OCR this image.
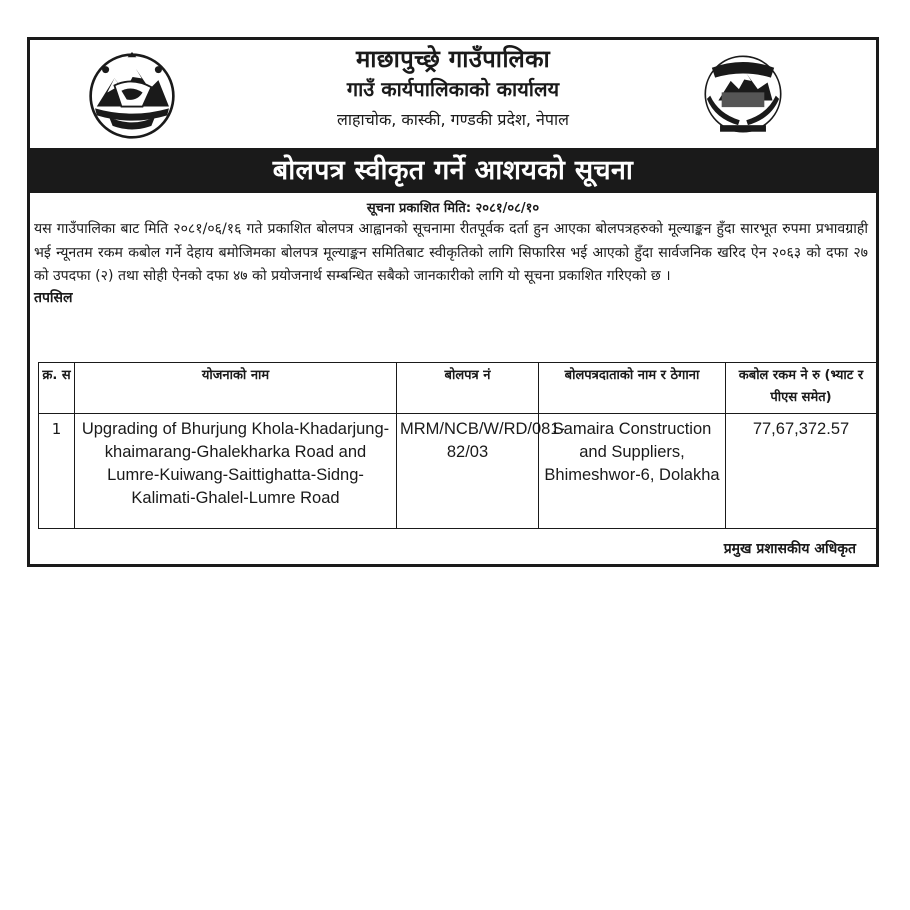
माछापुच्छ्रे गाउँपालिका
गाउँ कार्यपालिकाको कार्यालय
लाहाचोक, कास्की, गण्डकी प्रदेश, नेपाल
बोलपत्र स्वीकृत गर्ने आशयको सूचना
सूचना प्रकाशित मिति: २०८१/०८/१०
यस गाउँपालिका बाट मिति २०८१/०६/१६ गते प्रकाशित बोलपत्र आह्वानको सूचनामा रीतपूर्वक दर्ता हुन आएका बोलपत्रहरुको मूल्याङ्कन हुँदा सारभूत रुपमा प्रभावग्राही भई न्यूनतम रकम कबोल गर्ने देहाय बमोजिमका बोलपत्र मूल्याङ्कन समितिबाट स्वीकृतिको लागि सिफारिस भई आएको हुँदा सार्वजनिक खरिद ऐन २०६३ को दफा २७ को उपदफा (२) तथा सोही ऐनको दफा ४७ को प्रयोजनार्थ सम्बन्धित सबैको जानकारीको लागि यो सूचना प्रकाशित गरिएको छ ।
तपसिल
क्र. स	योजनाको नाम	बोलपत्र नं	बोलपत्रदाताको नाम र ठेगाना	कबोल रकम ने रु (भ्याट र पीएस समेत)
1	Upgrading of Bhurjung Khola-Khadarjung-khaimarang-Ghalekharka Road and Lumre-Kuiwang-Saittighatta-Sidng-Kalimati-Ghalel-Lumre Road	MRM/NCB/W/RD/081-82/03	Samaira Construction and Suppliers, Bhimeshwor-6, Dolakha	77,67,372.57
प्रमुख प्रशासकीय अधिकृत
